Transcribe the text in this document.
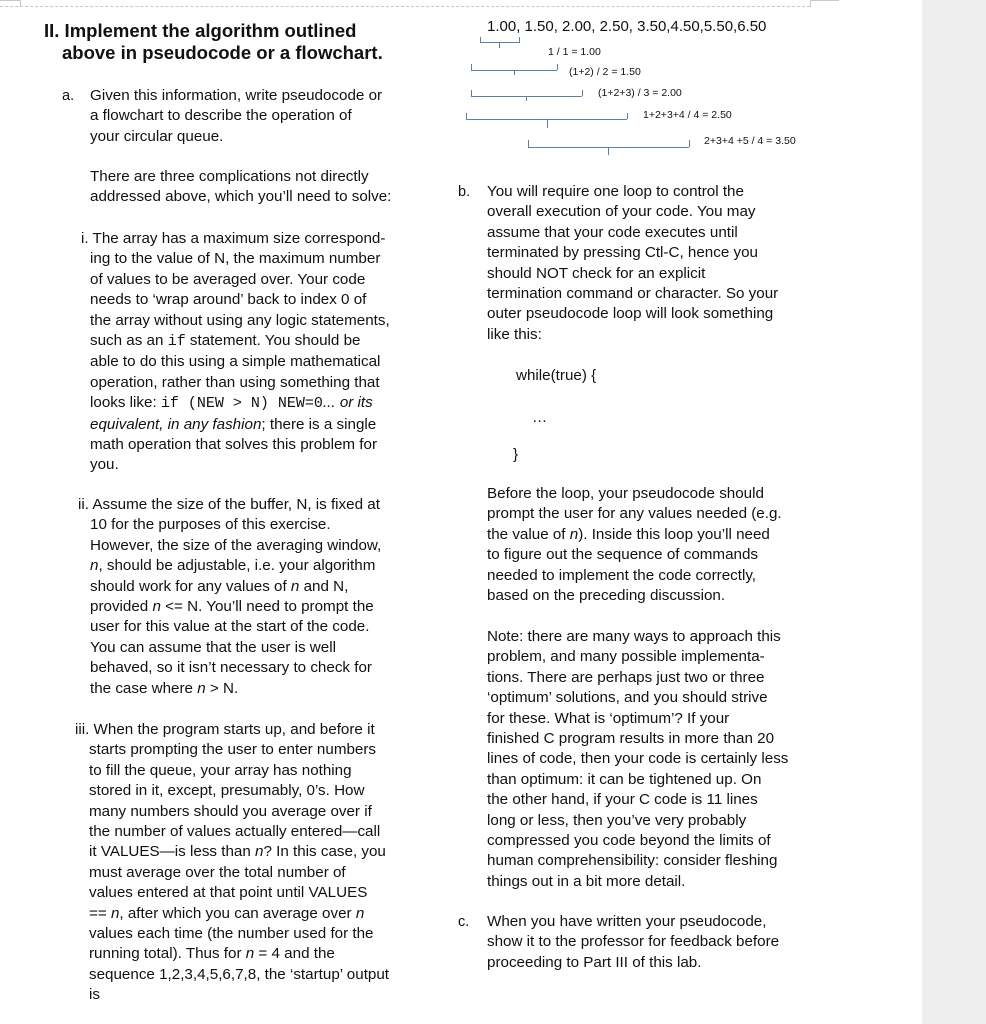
II. Implement the algorithm outlined
above in pseudocode or a flowchart.
a. Given this information, write pseudocode or
a flowchart to describe the operation of
your circular queue.
There are three complications not directly
addressed above, which you’ll need to solve:
i. The array has a maximum size correspond-
ing to the value of N, the maximum number
of values to be averaged over. Your code
needs to ‘wrap around’ back to index 0 of
the array without using any logic statements,
such as an if statement. You should be
able to do this using a simple mathematical
operation, rather than using something that
looks like: if (NEW > N) NEW=0... or its
equivalent, in any fashion; there is a single
math operation that solves this problem for
you.
ii. Assume the size of the buffer, N, is fixed at
10 for the purposes of this exercise.
However, the size of the averaging window,
n, should be adjustable, i.e. your algorithm
should work for any values of n and N,
provided n <= N. You’ll need to prompt the
user for this value at the start of the code.
You can assume that the user is well
behaved, so it isn’t necessary to check for
the case where n > N.
iii. When the program starts up, and before it
starts prompting the user to enter numbers
to fill the queue, your array has nothing
stored in it, except, presumably, 0’s. How
many numbers should you average over if
the number of values actually entered—call
it VALUES—is less than n? In this case, you
must average over the total number of
values entered at that point until VALUES
== n, after which you can average over n
values each time (the number used for the
running total). Thus for n = 4 and the
sequence 1,2,3,4,5,6,7,8, the ‘startup’ output
is
1.00, 1.50, 2.00, 2.50, 3.50,4.50,5.50,6.50
1 / 1 = 1.00
(1+2) / 2 = 1.50
(1+2+3) / 3 = 2.00
1+2+3+4 / 4 = 2.50
2+3+4 +5 / 4 = 3.50
b. You will require one loop to control the
overall execution of your code. You may
assume that your code executes until
terminated by pressing Ctl-C, hence you
should NOT check for an explicit
termination command or character. So your
outer pseudocode loop will look something
like this:
while(true) {
…
}
Before the loop, your pseudocode should
prompt the user for any values needed (e.g.
the value of n). Inside this loop you’ll need
to figure out the sequence of commands
needed to implement the code correctly,
based on the preceding discussion.
Note: there are many ways to approach this
problem, and many possible implementa-
tions. There are perhaps just two or three
‘optimum’ solutions, and you should strive
for these. What is ‘optimum’? If your
finished C program results in more than 20
lines of code, then your code is certainly less
than optimum: it can be tightened up. On
the other hand, if your C code is 11 lines
long or less, then you’ve very probably
compressed you code beyond the limits of
human comprehensibility: consider fleshing
things out in a bit more detail.
c. When you have written your pseudocode,
show it to the professor for feedback before
proceeding to Part III of this lab.
